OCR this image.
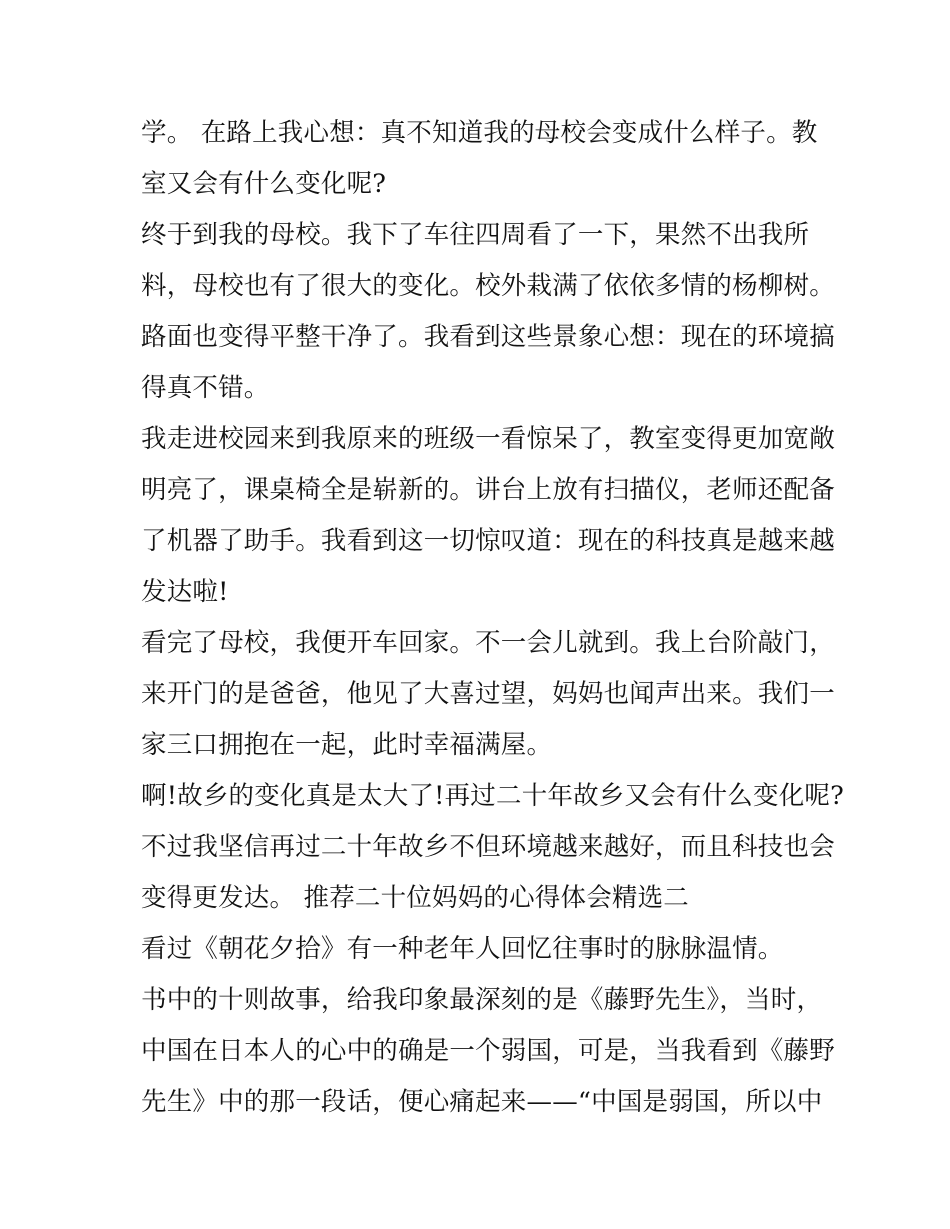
学。 在路上我心想：真不知道我的母校会变成什么样子。教
室又会有什么变化呢?
终于到我的母校。我下了车往四周看了一下，果然不出我所
料，母校也有了很大的变化。校外栽满了依依多情的杨柳树。
路面也变得平整干净了。我看到这些景象心想：现在的环境搞
得真不错。
我走进校园来到我原来的班级一看惊呆了，教室变得更加宽敞
明亮了，课桌椅全是崭新的。讲台上放有扫描仪，老师还配备
了机器了助手。我看到这一切惊叹道：现在的科技真是越来越
发达啦!
看完了母校，我便开车回家。不一会儿就到。我上台阶敲门，
来开门的是爸爸，他见了大喜过望，妈妈也闻声出来。我们一
家三口拥抱在一起，此时幸福满屋。
啊!故乡的变化真是太大了!再过二十年故乡又会有什么变化呢?
不过我坚信再过二十年故乡不但环境越来越好，而且科技也会
变得更发达。 推荐二十位妈妈的心得体会精选二
看过《朝花夕拾》有一种老年人回忆往事时的脉脉温情。
书中的十则故事，给我印象最深刻的是《藤野先生》，当时，
中国在日本人的心中的确是一个弱国，可是，当我看到《藤野
先生》中的那一段话，便心痛起来——“中国是弱国，所以中
